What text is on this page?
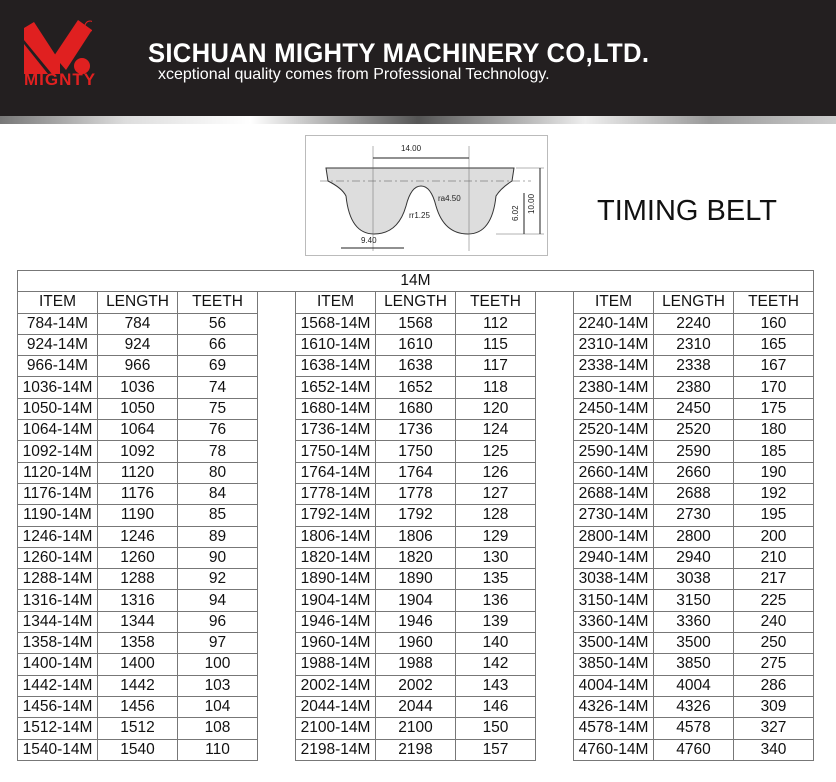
MIGNTY
SICHUAN MIGHTY MACHINERY CO,LTD.
xceptional quality comes from Professional Technology.
14.00
9.40
ra4.50
rr1.25	6.02 10.00 TIMING BELT
14M										
ITEM	LENGTH	TEETH		ITEM	LENGTH	TEETH		ITEM	LENGTH	TEETH
784-14M	784	56		1568-14M	1568	112		2240-14M	2240	160
924-14M	924	66		1610-14M	1610	115		2310-14M	2310	165
966-14M	966	69		1638-14M	1638	117		2338-14M	2338	167
1036-14M	1036	74		1652-14M	1652	118		2380-14M	2380	170
1050-14M	1050	75		1680-14M	1680	120		2450-14M	2450	175
1064-14M	1064	76		1736-14M	1736	124		2520-14M	2520	180
1092-14M	1092	78		1750-14M	1750	125		2590-14M	2590	185
1120-14M	1120	80		1764-14M	1764	126		2660-14M	2660	190
1176-14M	1176	84		1778-14M	1778	127		2688-14M	2688	192
1190-14M	1190	85		1792-14M	1792	128		2730-14M	2730	195
1246-14M	1246	89		1806-14M	1806	129		2800-14M	2800	200
1260-14M	1260	90		1820-14M	1820	130		2940-14M	2940	210
1288-14M	1288	92		1890-14M	1890	135		3038-14M	3038	217
1316-14M	1316	94		1904-14M	1904	136		3150-14M	3150	225
1344-14M	1344	96		1946-14M	1946	139		3360-14M	3360	240
1358-14M	1358	97		1960-14M	1960	140		3500-14M	3500	250
1400-14M	1400	100		1988-14M	1988	142		3850-14M	3850	275
1442-14M	1442	103		2002-14M	2002	143		4004-14M	4004	286
1456-14M	1456	104		2044-14M	2044	146		4326-14M	4326	309
1512-14M	1512	108		2100-14M	2100	150		4578-14M	4578	327
1540-14M	1540	110		2198-14M	2198	157		4760-14M	4760	340
